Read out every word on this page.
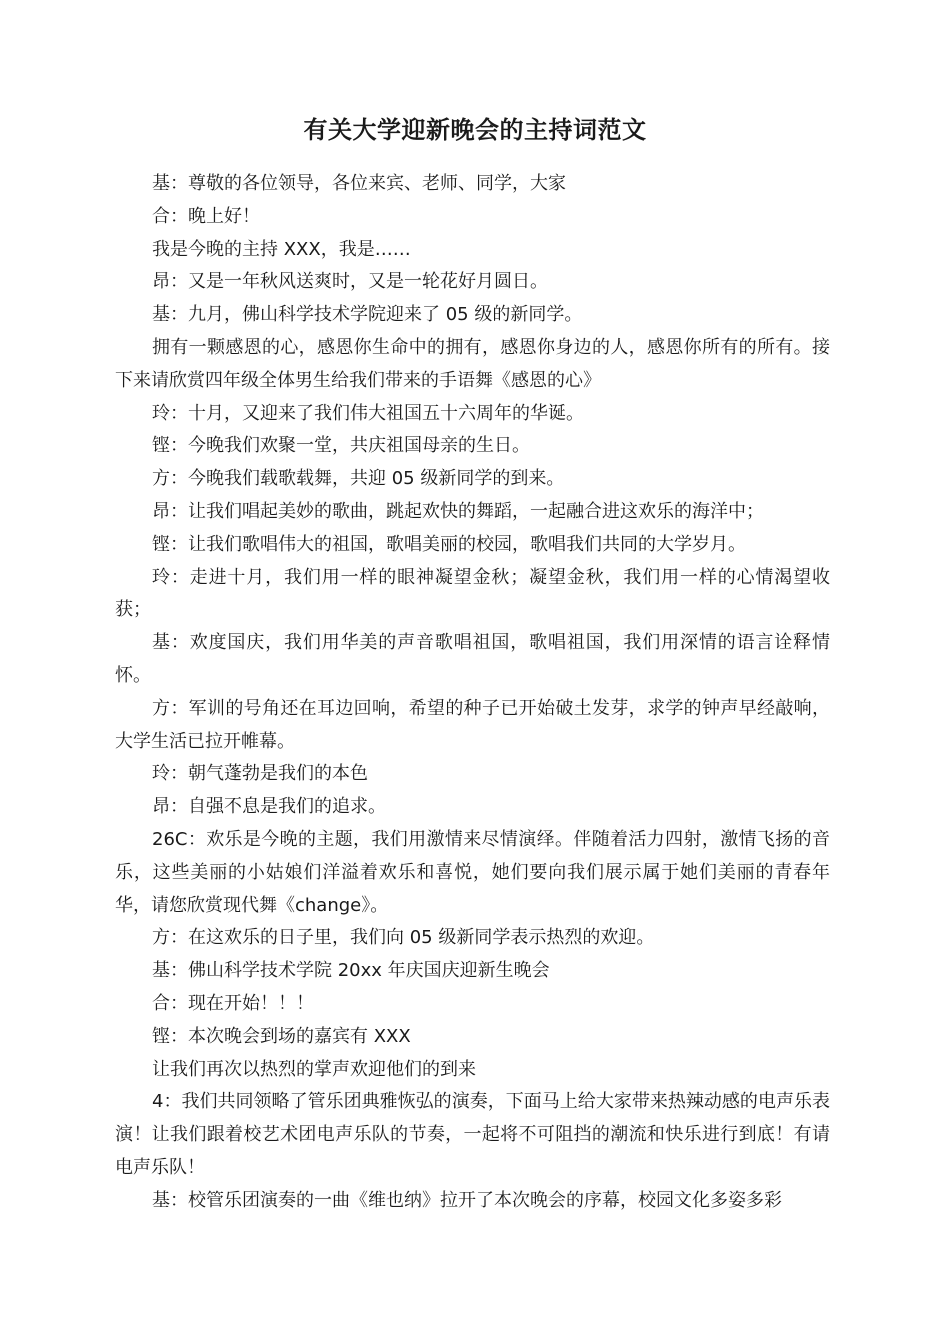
有关大学迎新晚会的主持词范文

基：尊敬的各位领导，各位来宾、老师、同学，大家

合：晚上好！

我是今晚的主持 XXX，我是……

昂：又是一年秋风送爽时，又是一轮花好月圆日。

基：九月，佛山科学技术学院迎来了 05 级的新同学。

拥有一颗感恩的心，感恩你生命中的拥有，感恩你身边的人，感恩你所有的所有。接下来请欣赏四年级全体男生给我们带来的手语舞《感恩的心》

玲：十月，又迎来了我们伟大祖国五十六周年的华诞。

铿：今晚我们欢聚一堂，共庆祖国母亲的生日。

方：今晚我们载歌载舞，共迎 05 级新同学的到来。

昂：让我们唱起美妙的歌曲，跳起欢快的舞蹈，一起融合进这欢乐的海洋中；

铿：让我们歌唱伟大的祖国，歌唱美丽的校园，歌唱我们共同的大学岁月。

玲：走进十月，我们用一样的眼神凝望金秋；凝望金秋，我们用一样的心情渴望收获；

基：欢度国庆，我们用华美的声音歌唱祖国，歌唱祖国，我们用深情的语言诠释情怀。

方：军训的号角还在耳边回响，希望的种子已开始破土发芽，求学的钟声早经敲响，大学生活已拉开帷幕。

玲：朝气蓬勃是我们的本色

昂：自强不息是我们的追求。

26C：欢乐是今晚的主题，我们用激情来尽情演绎。伴随着活力四射，激情飞扬的音乐，这些美丽的小姑娘们洋溢着欢乐和喜悦，她们要向我们展示属于她们美丽的青春年华，请您欣赏现代舞《change》。

方：在这欢乐的日子里，我们向 05 级新同学表示热烈的欢迎。

基：佛山科学技术学院 20xx 年庆国庆迎新生晚会

合：现在开始！！！

铿：本次晚会到场的嘉宾有 XXX

让我们再次以热烈的掌声欢迎他们的到来

4：我们共同领略了管乐团典雅恢弘的演奏，下面马上给大家带来热辣动感的电声乐表演！让我们跟着校艺术团电声乐队的节奏，一起将不可阻挡的潮流和快乐进行到底！有请电声乐队！

基：校管乐团演奏的一曲《维也纳》拉开了本次晚会的序幕，校园文化多姿多彩
